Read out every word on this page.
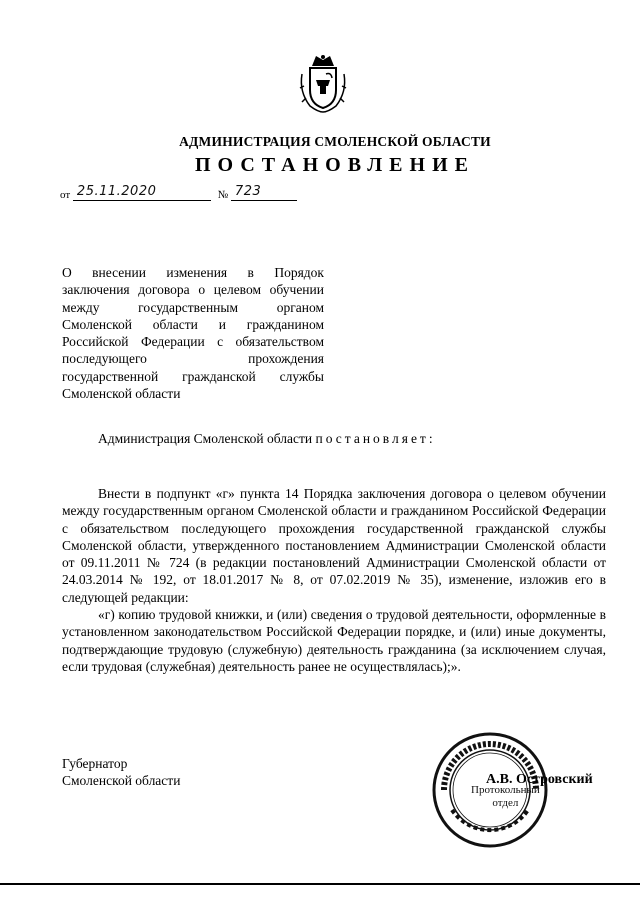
АДМИНИСТРАЦИЯ СМОЛЕНСКОЙ ОБЛАСТИ
ПОСТАНОВЛЕНИЕ
от 25.11.2020	№ 723
О внесении изменения в Порядок заключения договора о целевом обучении между государственным органом Смоленской области и гражданином Российской Федерации с обязательством последующего прохождения государственной гражданской службы Смоленской области
Администрация Смоленской области постановляет:

Внести в подпункт «г» пункта 14 Порядка заключения договора о целевом обучении между государственным органом Смоленской области и гражданином Российской Федерации с обязательством последующего прохождения государственной гражданской службы Смоленской области, утвержденного постановлением Администрации Смоленской области от 09.11.2011 № 724 (в редакции постановлений Администрации Смоленской области от 24.03.2014 № 192, от 18.01.2017 № 8, от 07.02.2019 № 35), изменение, изложив его в следующей редакции:

«г) копию трудовой книжки, и (или) сведения о трудовой деятельности, оформленные в установленном законодательством Российской Федерации порядке, и (или) иные документы, подтверждающие трудовую (служебную) деятельность гражданина (за исключением случая, если трудовая (служебная) деятельность ранее не осуществлялась);».

Губернатор
Смоленской области	А.В. Островский
Протокольный
отдел
